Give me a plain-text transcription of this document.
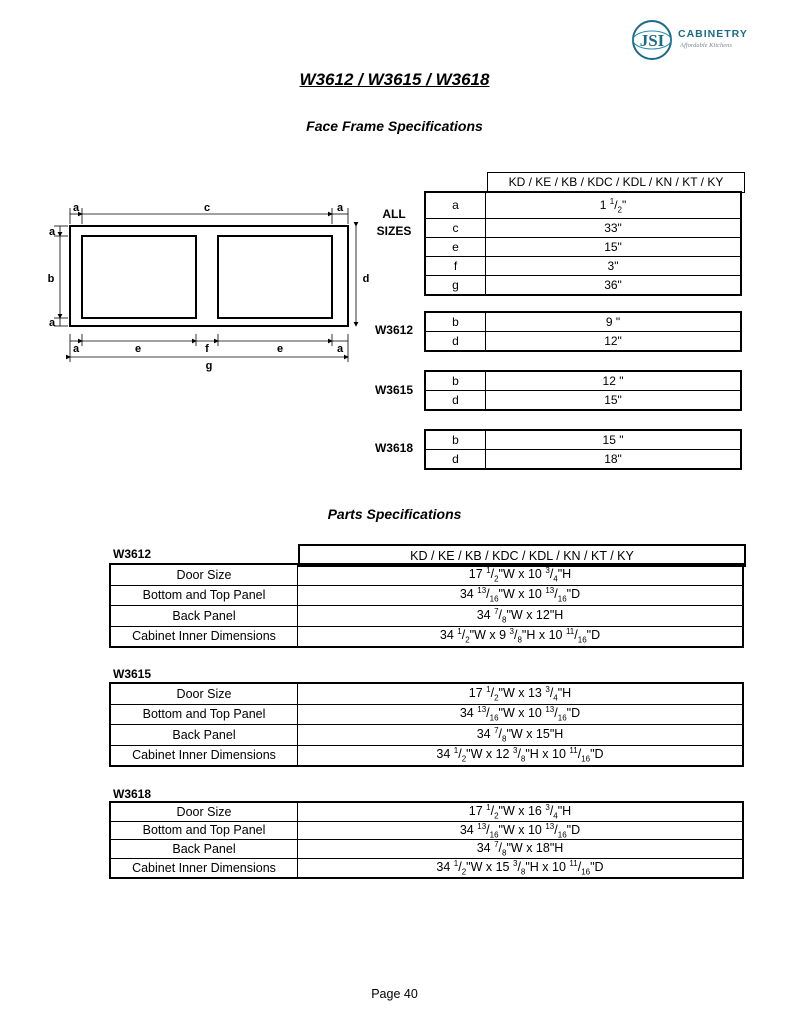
JSI CABINETRY
Affordable Kitchens
W3612 / W3615 / W3618
Face Frame Specifications
a	c	a
a
b
a
d
a	e	f	e	a
g
ALL
SIZES
KD / KE / KB / KDC / KDL / KN / KT / KY
a	1 $^1/_2$"
c	33"
e	15"
f	3"
g	36"
W3612
b	9 "
d	12"
W3615
b	12 "
d	15"
W3618
b	15 "
d	18"
Parts Specifications
W3612	KD / KE / KB / KDC / KDL / KN / KT / KY
Door Size	17 $^1/_2"W$ x 10 $^3/_4"H$
Bottom and Top Panel	34 $^{13}/_{16}"W$ x 10 $^{13}/_{16}"D$
Back Panel	34 $^7/_8"W$ x 12"H
Cabinet Inner Dimensions	34 $^1/_2"W$ x 9 $^3/_8"H$ x 10 $^{11}/_{16}"D$
W3615
Door Size	17 $^1/_2"W$ x 13 $^3/_4"H$
Bottom and Top Panel	34 $^{13}/_{16}"W$ x 10 $^{13}/_{16}"D$
Back Panel	34 $^7/_8"W$ x 15"H
Cabinet Inner Dimensions	34 $^1/_2"W$ x 12 $^3/_8"H$ x 10 $^{11}/_{16}"D$
W3618
Door Size	17 $^1/_2"W$ x 16 $^3/_4"H$
Bottom and Top Panel	34 $^{13}/_{16}"W$ x 10 $^{13}/_{16}"D$
Back Panel	34 $^7/_8"W$ x 18"H
Cabinet Inner Dimensions	34 $^1/_2"W$ x 15 $^3/_8"H$ x 10 $^{11}/_{16}"D$
Page 40
